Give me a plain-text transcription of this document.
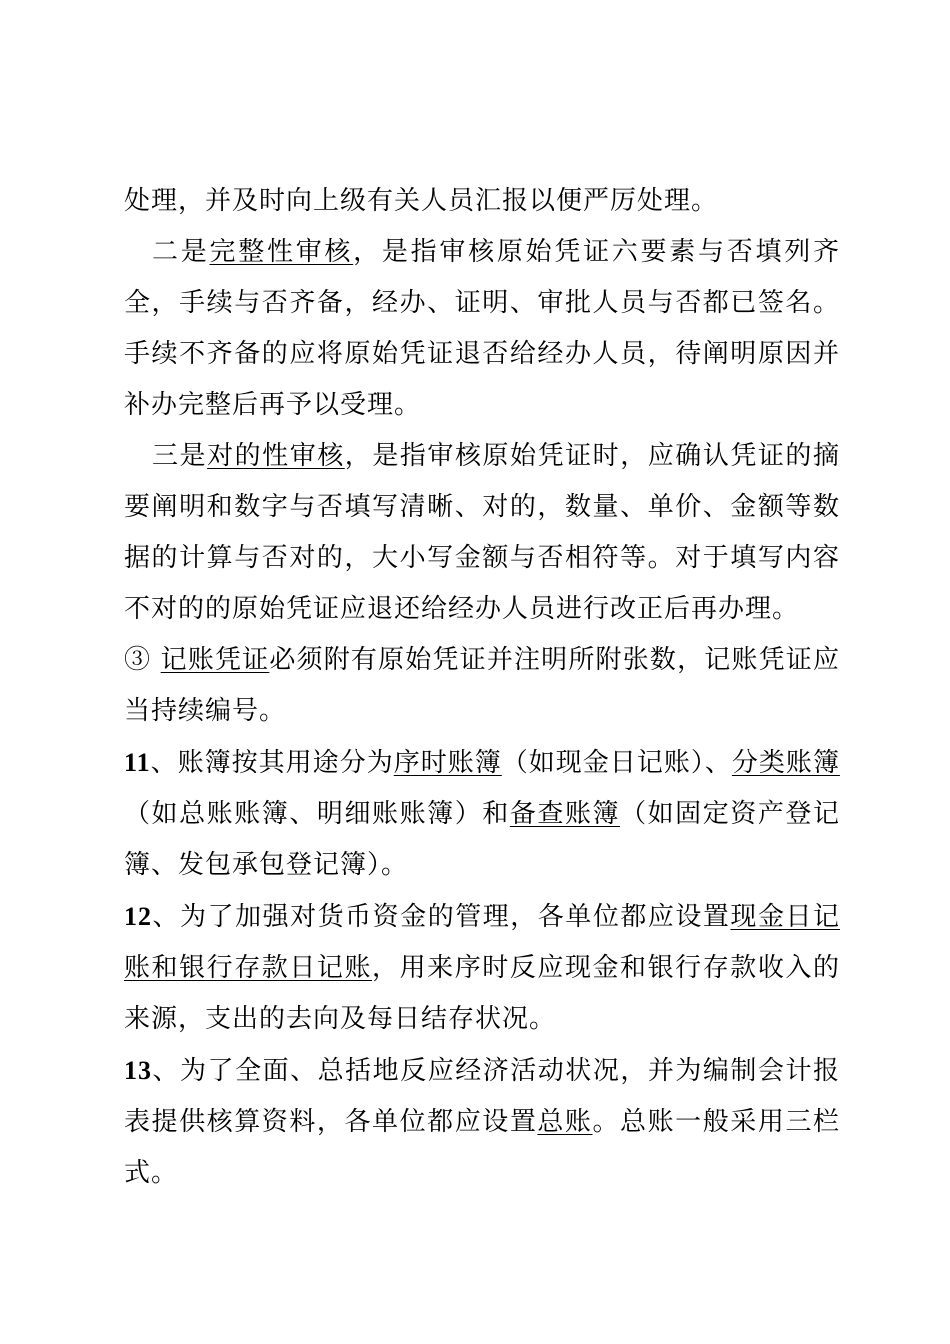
处理，并及时向上级有关人员汇报以便严厉处理。

二是完整性审核，是指审核原始凭证六要素与否填列齐全，手续与否齐备，经办、证明、审批人员与否都已签名。手续不齐备的应将原始凭证退否给经办人员，待阐明原因并补办完整后再予以受理。

三是对的性审核，是指审核原始凭证时，应确认凭证的摘要阐明和数字与否填写清晰、对的，数量、单价、金额等数据的计算与否对的，大小写金额与否相符等。对于填写内容不对的的原始凭证应退还给经办人员进行改正后再办理。

③ 记账凭证必须附有原始凭证并注明所附张数，记账凭证应当持续编号。

11、账簿按其用途分为序时账簿（如现金日记账）、分类账簿（如总账账簿、明细账账簿）和备查账簿（如固定资产登记簿、发包承包登记簿）。

12、为了加强对货币资金的管理，各单位都应设置现金日记账和银行存款日记账，用来序时反应现金和银行存款收入的来源，支出的去向及每日结存状况。

13、为了全面、总括地反应经济活动状况，并为编制会计报表提供核算资料，各单位都应设置总账。总账一般采用三栏式。
